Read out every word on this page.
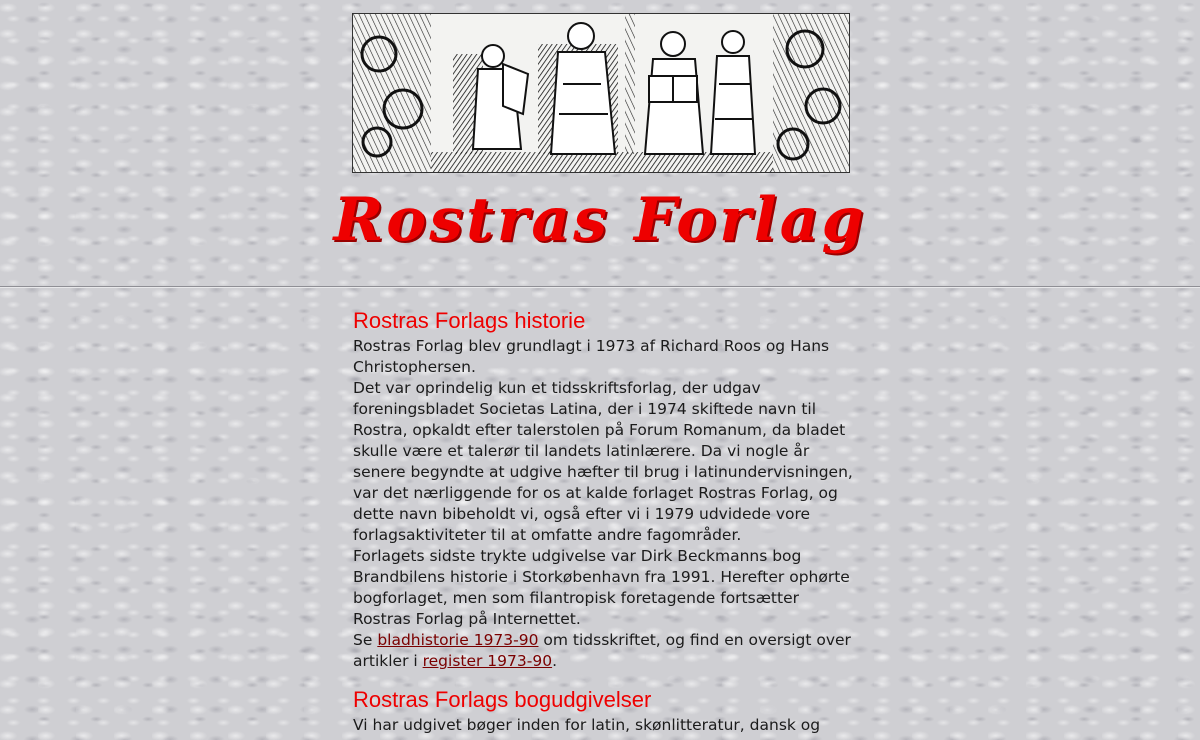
Rostras Forlag
Rostras Forlags historie

Rostras Forlag blev grundlagt i 1973 af Richard Roos og Hans Christophersen.

Det var oprindelig kun et tidsskriftsforlag, der udgav foreningsbladet Societas Latina, der i 1974 skiftede navn til Rostra, opkaldt efter talerstolen på Forum Romanum, da bladet skulle være et talerør til landets latinlærere. Da vi nogle år senere begyndte at udgive hæfter til brug i latinundervisningen, var det nærliggende for os at kalde forlaget Rostras Forlag, og dette navn bibeholdt vi, også efter vi i 1979 udvidede vore forlagsaktiviteter til at omfatte andre fagområder.

Forlagets sidste trykte udgivelse var Dirk Beckmanns bog Brandbilens historie i Storkøbenhavn fra 1991. Herefter ophørte bogforlaget, men som filantropisk foretagende fortsætter Rostras Forlag på Internettet.

Se bladhistorie 1973-90 om tidsskriftet, og find en oversigt over artikler i register 1973-90.

Rostras Forlags bogudgivelser

Vi har udgivet bøger inden for latin, skønlitteratur, dansk og
